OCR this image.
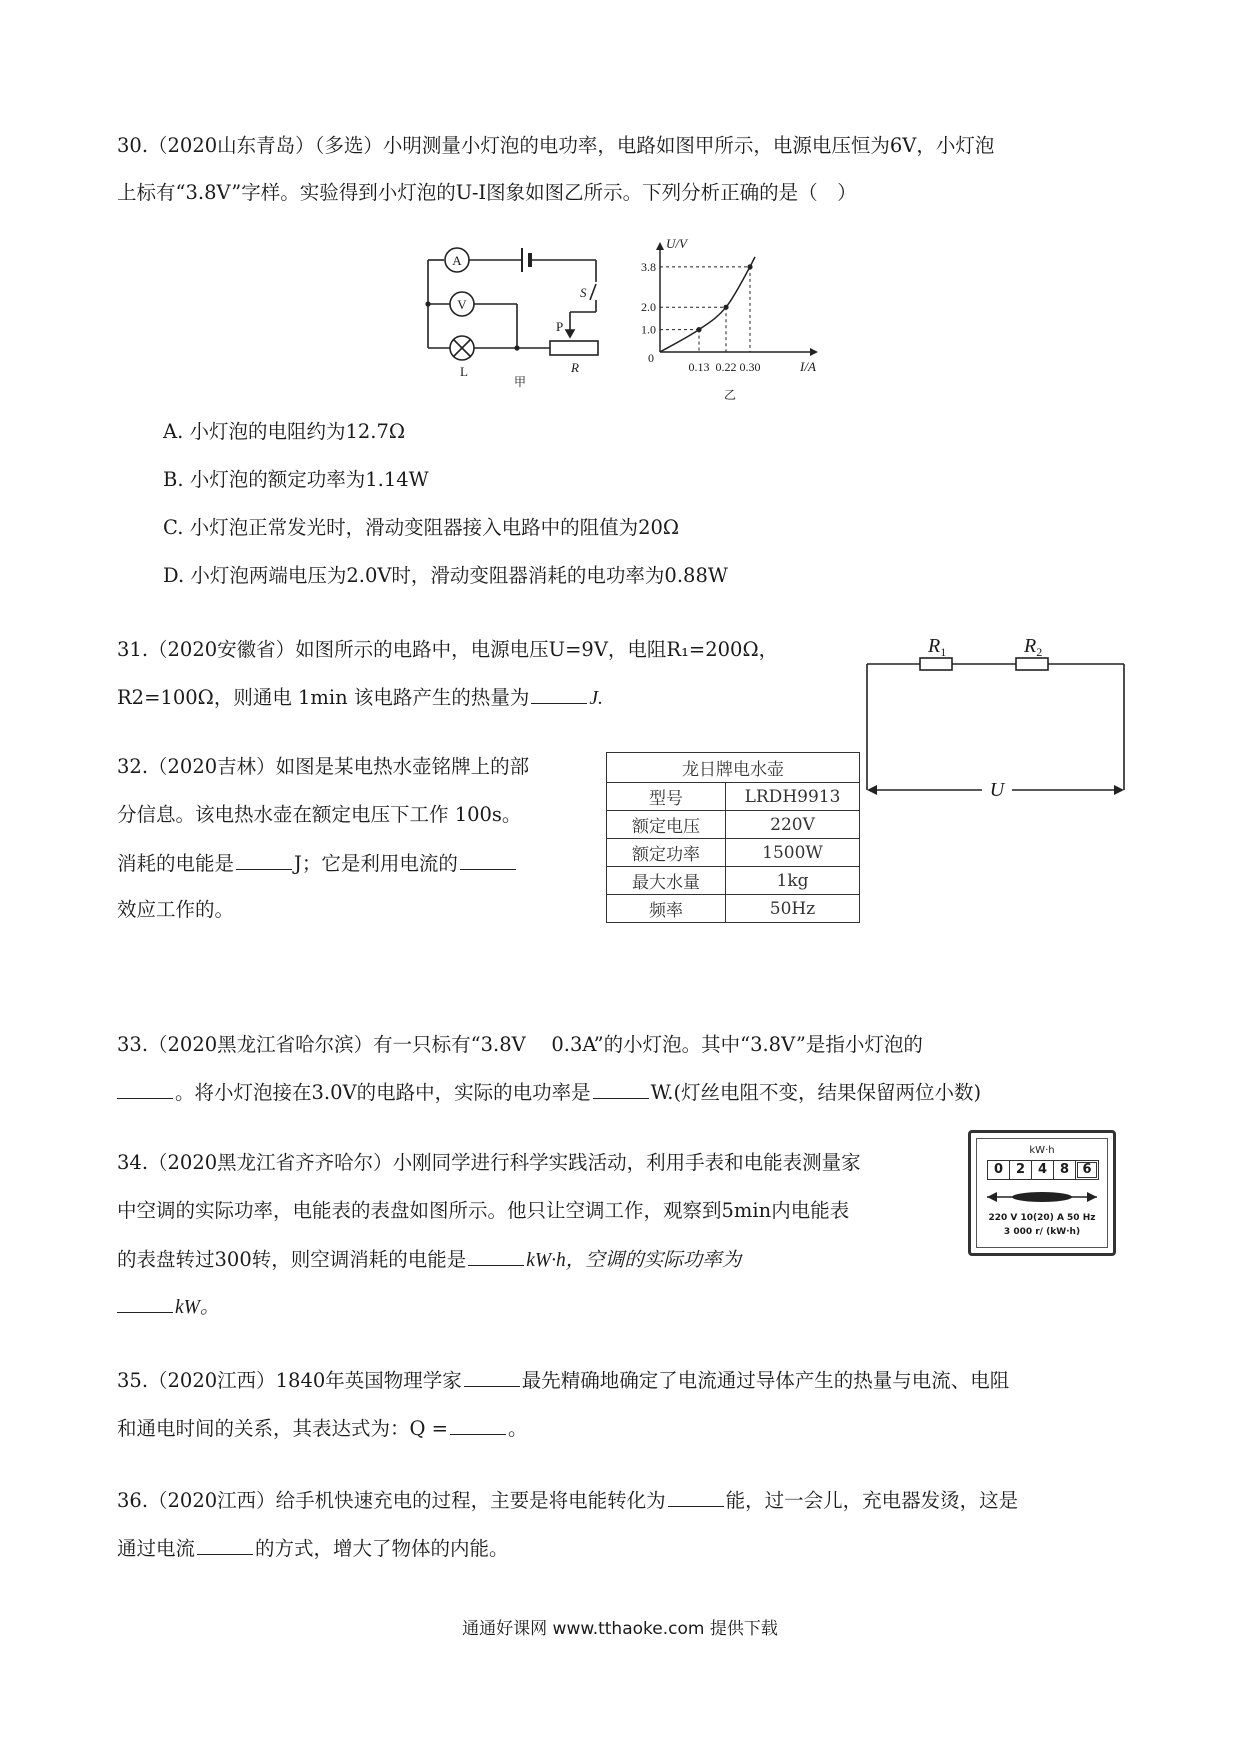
30.（2020山东青岛）（多选）小明测量小灯泡的电功率，电路如图甲所示，电源电压恒为6V，小灯泡
上标有“3.8V”字样。实验得到小灯泡的U-I图象如图乙所示。下列分析正确的是（　）
A
V
S
P
L	R
甲
0.13 0.22 0.30
1.0
2.0
3.8
U/V
I/A
0
乙
A. 小灯泡的电阻约为12.7Ω
B. 小灯泡的额定功率为1.14W
C. 小灯泡正常发光时，滑动变阻器接入电路中的阻值为20Ω
D. 小灯泡两端电压为2.0V时，滑动变阻器消耗的电功率为0.88W
31.（2020安徽省）如图所示的电路中，电源电压U=9V，电阻R₁=200Ω，
R2=100Ω，则通电 1min 该电路产生的热量为	J.
$R_1$	$R_2$
U
32.（2020吉林）如图是某电热水壶铭牌上的部
分信息。该电热水壶在额定电压下工作 100s。
消耗的电能是	J；它是利用电流的
效应工作的。
龙日牌电水壶	
型号	LRDH9913
额定电压	220V
额定功率	1500W
最大水量	1kg
频率	50Hz
33.（2020黑龙江省哈尔滨）有一只标有“3.8V　 0.3A”的小灯泡。其中“3.8V”是指小灯泡的
。将小灯泡接在3.0V的电路中，实际的电功率是	W.(灯丝电阻不变，结果保留两位小数)
34.（2020黑龙江省齐齐哈尔）小刚同学进行科学实践活动，利用手表和电能表测量家
中空调的实际功率，电能表的表盘如图所示。他只让空调工作，观察到5min内电能表
的表盘转过300转，则空调消耗的电能是	kW·h，空调的实际功率为
kW。
kW·h
0 2 4 8	6
220 V 10(20) A 50 Hz
3 000 r/ (kW·h)
35.（2020江西）1840年英国物理学家	最先精确地确定了电流通过导体产生的热量与电流、电阻
和通电时间的关系，其表达式为：Q =	。
36.（2020江西）给手机快速充电的过程，主要是将电能转化为	能，过一会儿，充电器发烫，这是
通过电流	的方式，增大了物体的内能。
通通好课网 www.tthaoke.com 提供下载
